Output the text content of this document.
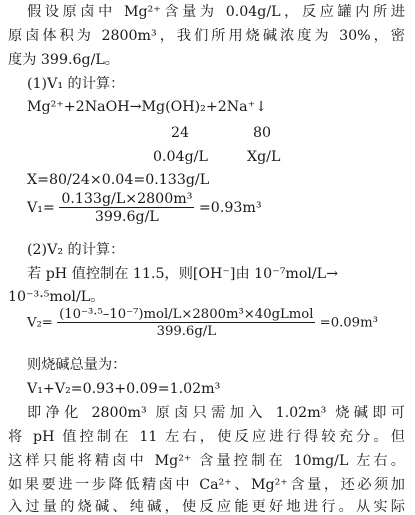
假设原卤中 Mg²⁺含量为 0.04g/L，反应罐内所进
原卤体积为 2800m³，我们所用烧碱浓度为 30%，密
度为 399.6g/L。
(1)V₁ 的计算：
Mg²⁺+2NaOH→Mg(OH)₂+2Na⁺↓
24	80
0.04g/L	Xg/L
X=80/24×0.04=0.133g/L
$V_1= \frac{\text{0.133g/L×2800m³}}{399.6g/L} =0.93m^3$
(2)V₂ 的计算：
若 pH 值控制在 11.5，则[OH⁻]由 10⁻⁷mol/L→
10⁻³·⁵mol/L。
$V_2= \frac{\text{(10⁻³·⁵–10⁻⁷)mol/L×2800m³×40gLmol}}{399.6g/L} =0.09m^3$
则烧碱总量为：
V₁+V₂=0.93+0.09=1.02m³
即净化 2800m³ 原卤只需加入 1.02m³ 烧碱即可
将 pH 值控制在 11 左右，使反应进行得较充分。但
这样只能将精卤中 Mg²⁺ 含量控制在 10mg/L 左右。
如果要进一步降低精卤中 Ca²⁺、Mg²⁺含量，还必须加
入过量的烧碱、纯碱，使反应能更好地进行。从实际
